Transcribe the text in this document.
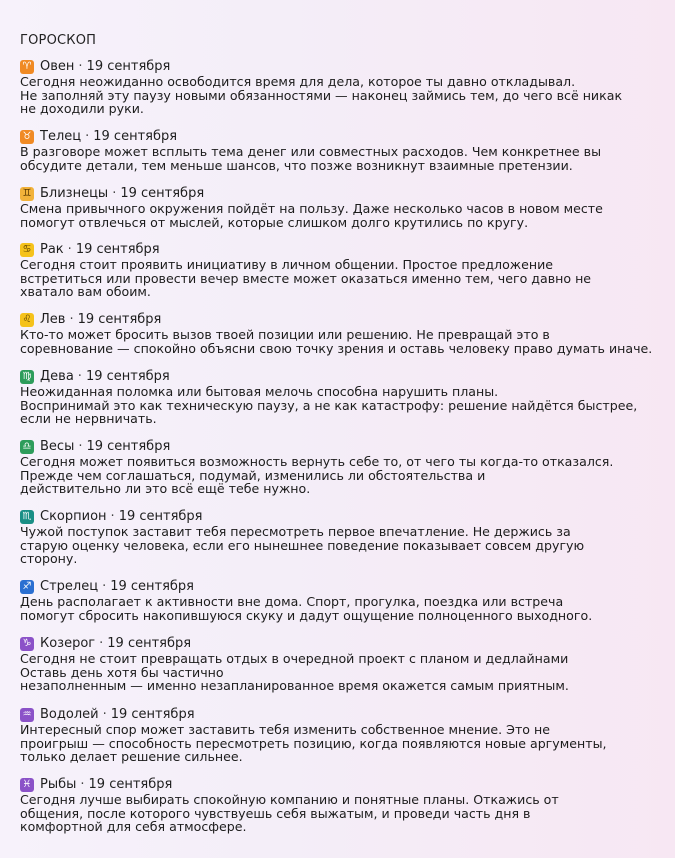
ГОРОСКОП
♈ Овен · 19 сентября
Сегодня неожиданно освободится время для дела, которое ты давно откладывал.
Не заполняй эту паузу новыми обязанностями — наконец займись тем, до чего всё никак
не доходили руки.
♉ Телец · 19 сентября
В разговоре может всплыть тема денег или совместных расходов. Чем конкретнее вы
обсудите детали, тем меньше шансов, что позже возникнут взаимные претензии.
♊ Близнецы · 19 сентября
Смена привычного окружения пойдёт на пользу. Даже несколько часов в новом месте
помогут отвлечься от мыслей, которые слишком долго крутились по кругу.
♋ Рак · 19 сентября
Сегодня стоит проявить инициативу в личном общении. Простое предложение
встретиться или провести вечер вместе может оказаться именно тем, чего давно не
хватало вам обоим.
♌ Лев · 19 сентября
Кто-то может бросить вызов твоей позиции или решению. Не превращай это в
соревнование — спокойно объясни свою точку зрения и оставь человеку право думать иначе.
♍ Дева · 19 сентября
Неожиданная поломка или бытовая мелочь способна нарушить планы.
Воспринимай это как техническую паузу, а не как катастрофу: решение найдётся быстрее,
если не нервничать.
♎ Весы · 19 сентября
Сегодня может появиться возможность вернуть себе то, от чего ты когда-то отказался.
Прежде чем соглашаться, подумай, изменились ли обстоятельства и
действительно ли это всё ещё тебе нужно.
♏ Скорпион · 19 сентября
Чужой поступок заставит тебя пересмотреть первое впечатление. Не держись за
старую оценку человека, если его нынешнее поведение показывает совсем другую
сторону.
♐ Стрелец · 19 сентября
День располагает к активности вне дома. Спорт, прогулка, поездка или встреча
помогут сбросить накопившуюся скуку и дадут ощущение полноценного выходного.
♑ Козерог · 19 сентября
Сегодня не стоит превращать отдых в очередной проект с планом и дедлайнами
Оставь день хотя бы частично
незаполненным — именно незапланированное время окажется самым приятным.
♒ Водолей · 19 сентября
Интересный спор может заставить тебя изменить собственное мнение. Это не
проигрыш — способность пересмотреть позицию, когда появляются новые аргументы,
только делает решение сильнее.
♓ Рыбы · 19 сентября
Сегодня лучше выбирать спокойную компанию и понятные планы. Откажись от
общения, после которого чувствуешь себя выжатым, и проведи часть дня в
комфортной для себя атмосфере.
